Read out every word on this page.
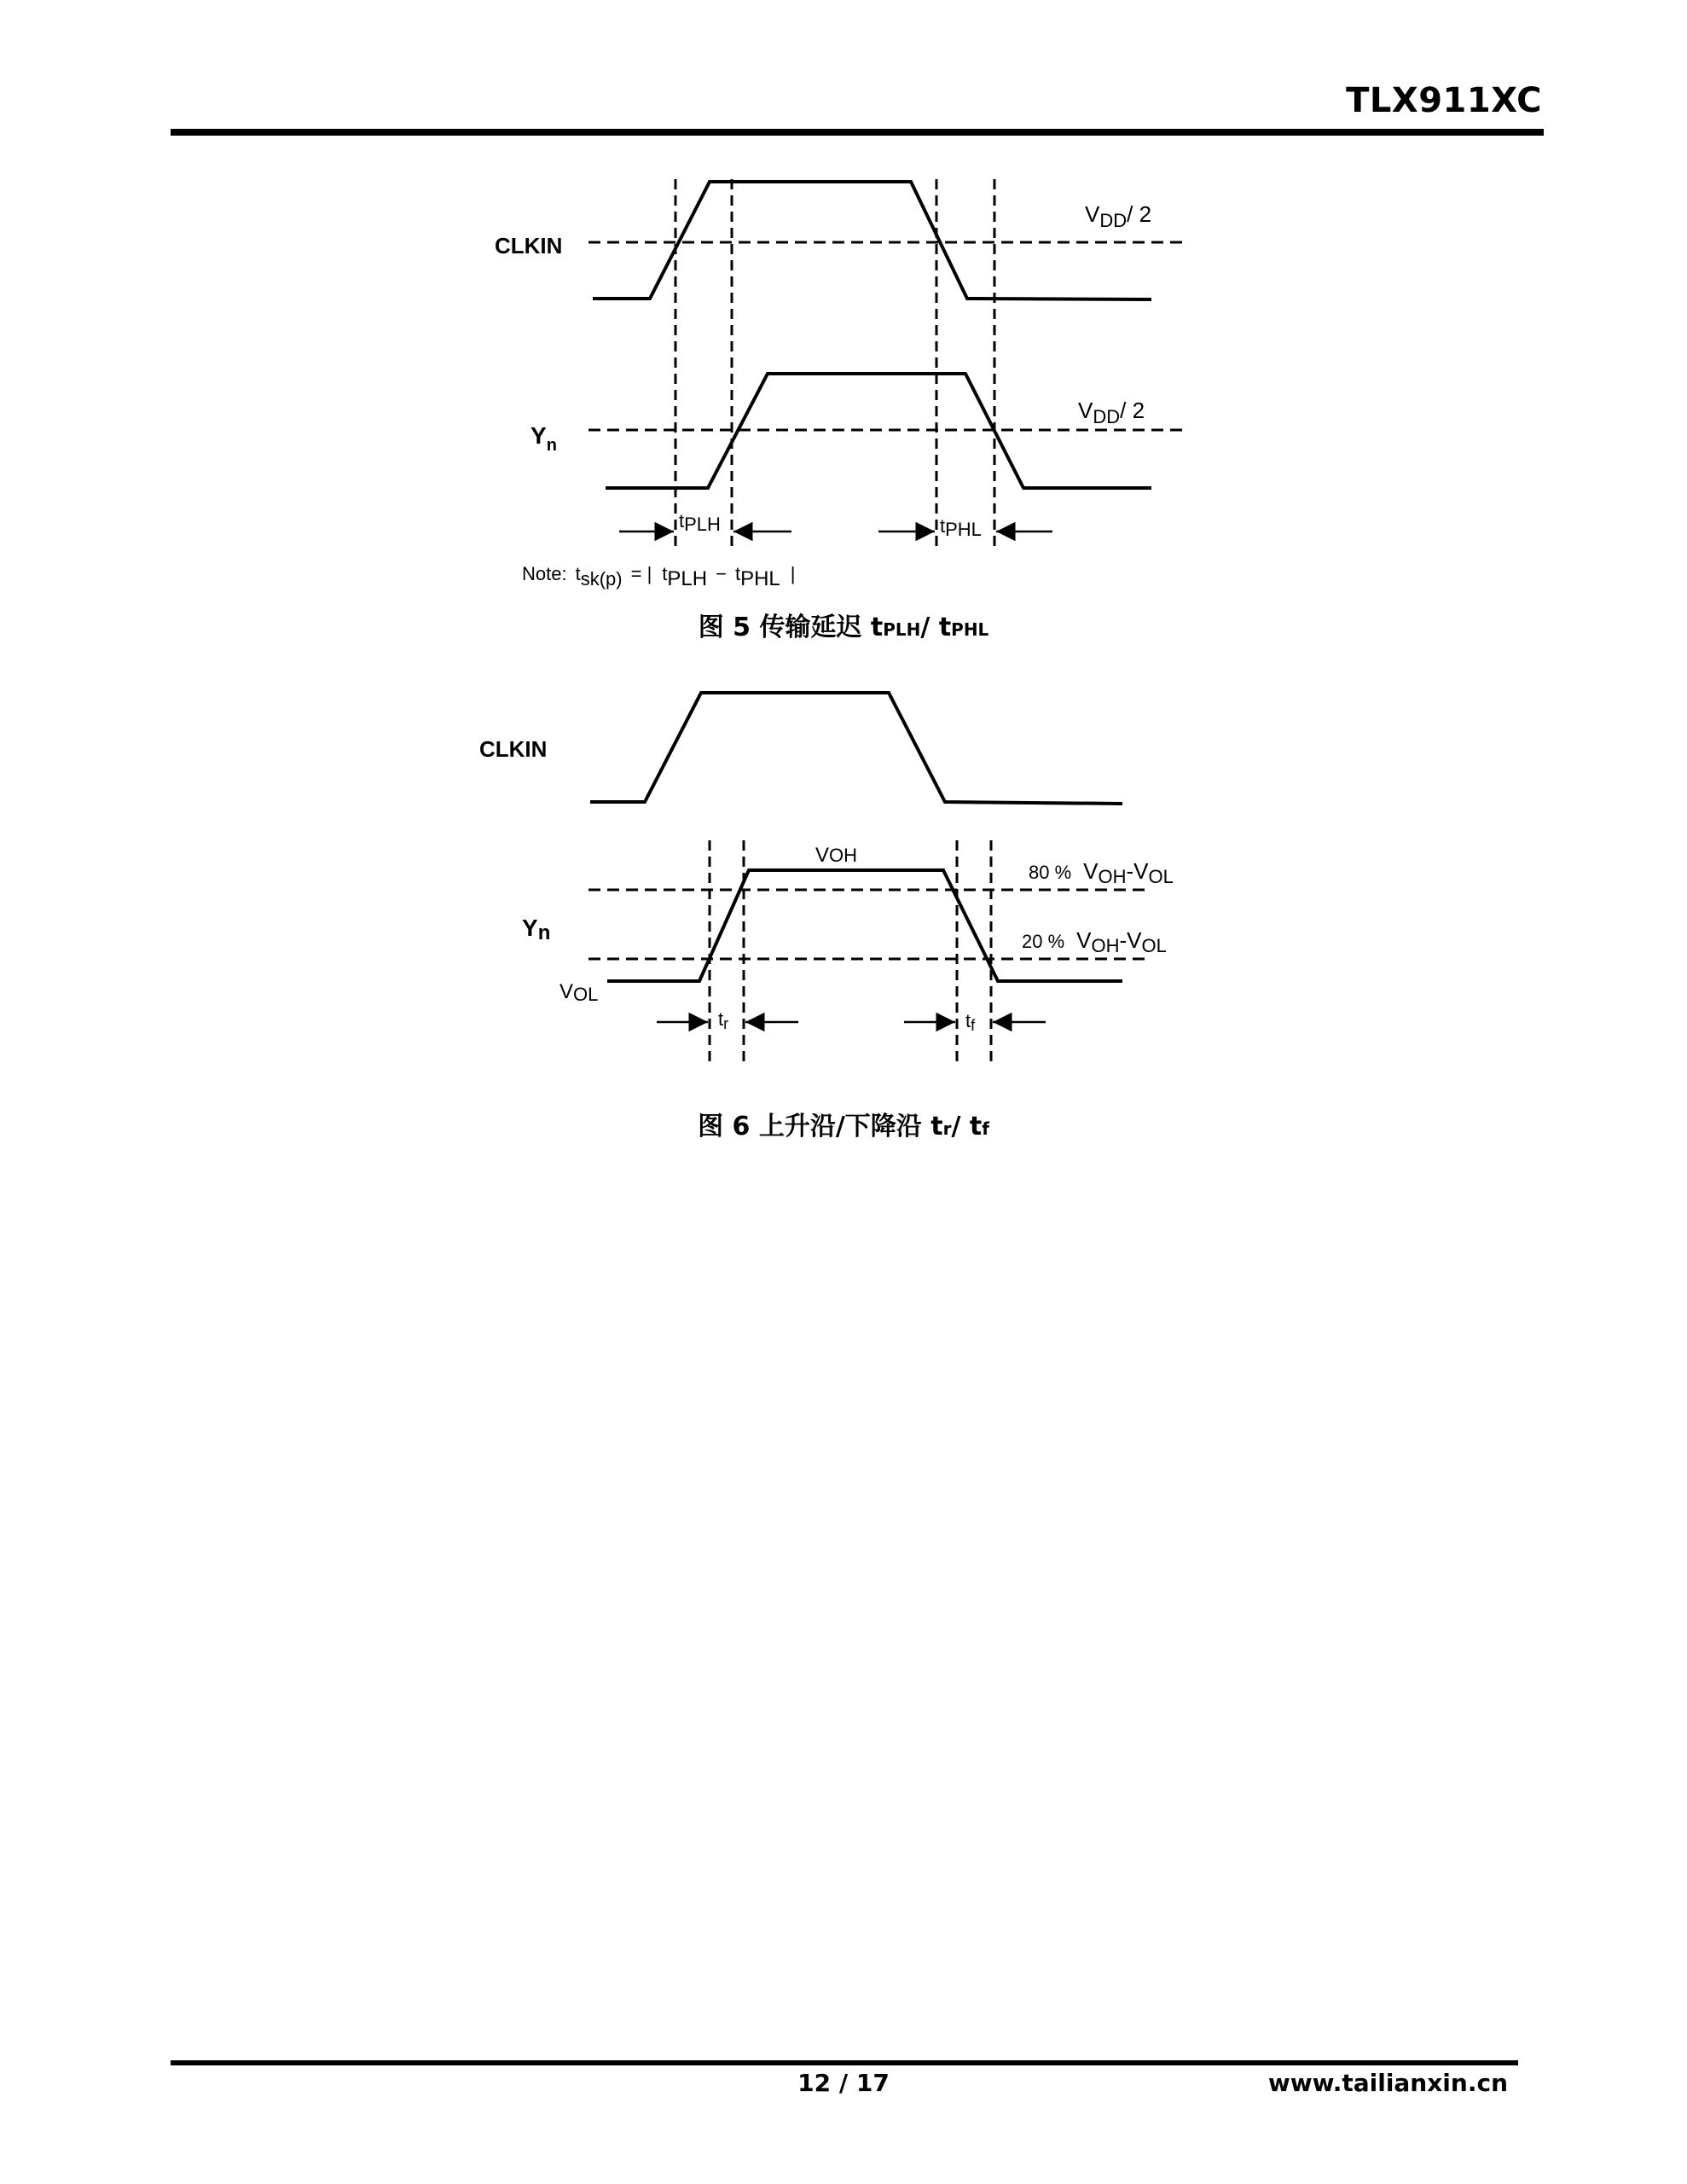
TLX911XC
CLKIN
$Y_n$
$V_{DD}/$ 2
$V_{DD}/$ 2
tPLH	tPHL
Note: tsk(p) = | tPLH − tPHL |
图 5 传输延迟 tPLH/ tPHL
CLKIN
Yn
VOH
VOL
80 % VOH-VOL
20 % VOH-VOL
tr	tf
图 6 上升沿/下降沿 tr/ tf
12 / 17	www.tailianxin.cn
